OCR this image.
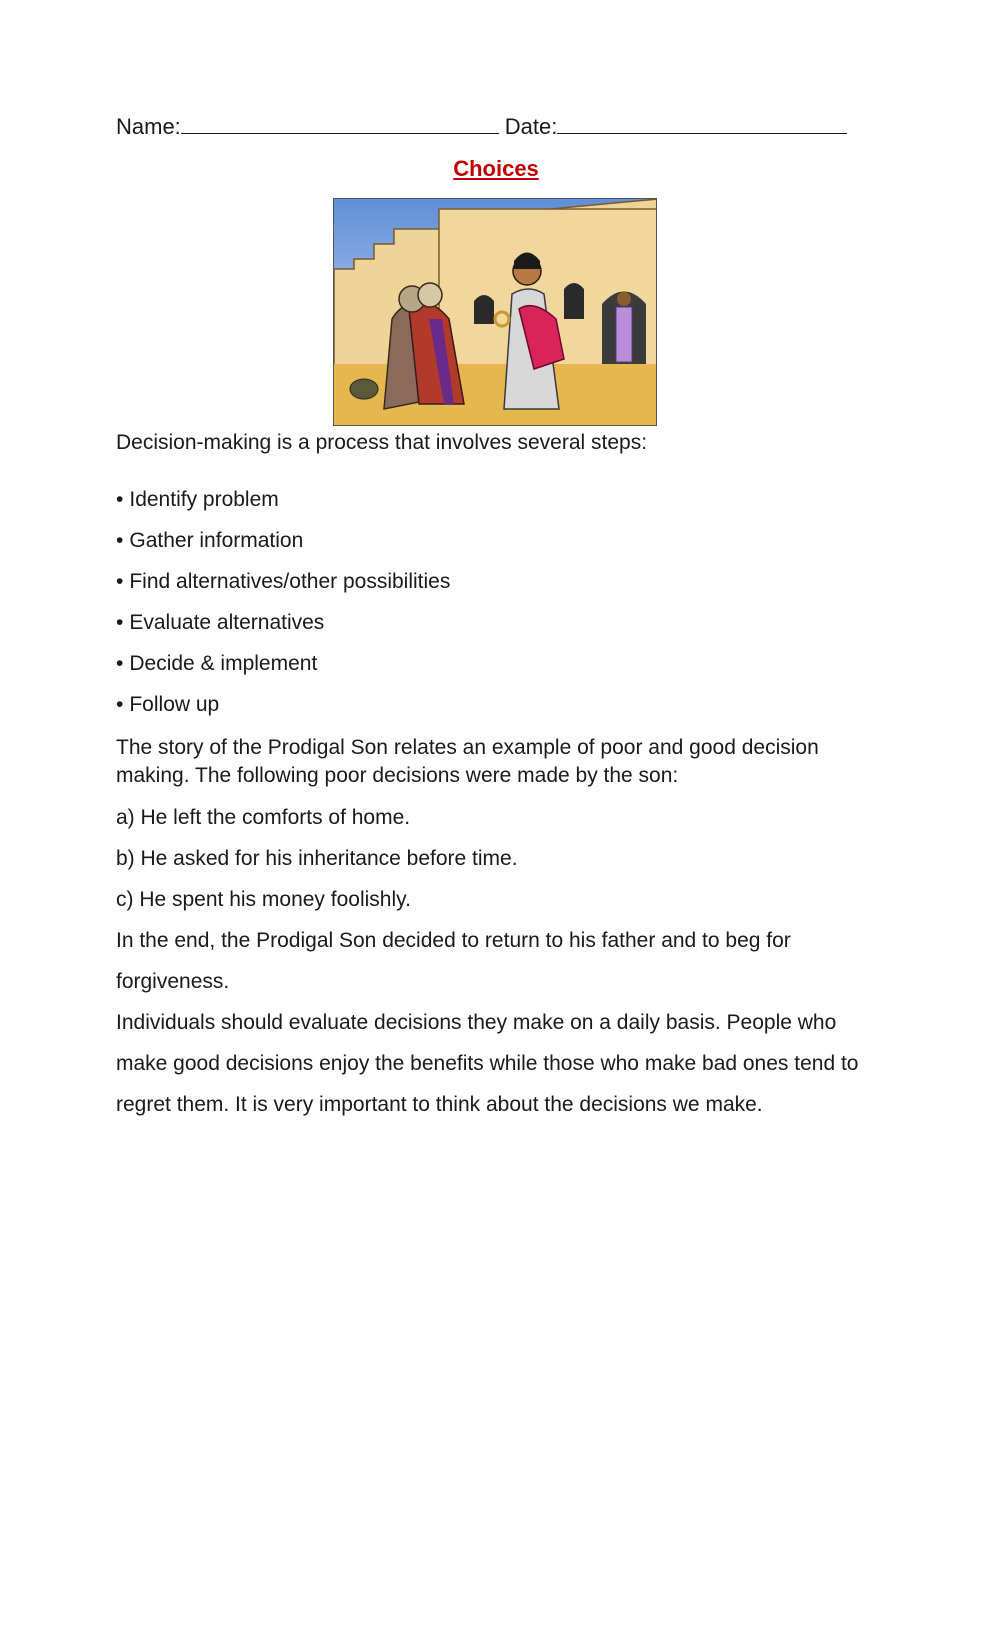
Name:	Date:
Choices
Decision-making is a process that involves several steps:
• Identify problem
• Gather information
• Find alternatives/other possibilities
• Evaluate alternatives
• Decide & implement
• Follow up
The story of the Prodigal Son relates an example of poor and good decision making. The following poor decisions were made by the son:
a) He left the comforts of home.
b) He asked for his inheritance before time.
c) He spent his money foolishly.
In the end, the Prodigal Son decided to return to his father and to beg for forgiveness.
Individuals should evaluate decisions they make on a daily basis. People who make good decisions enjoy the benefits while those who make bad ones tend to regret them. It is very important to think about the decisions we make.
